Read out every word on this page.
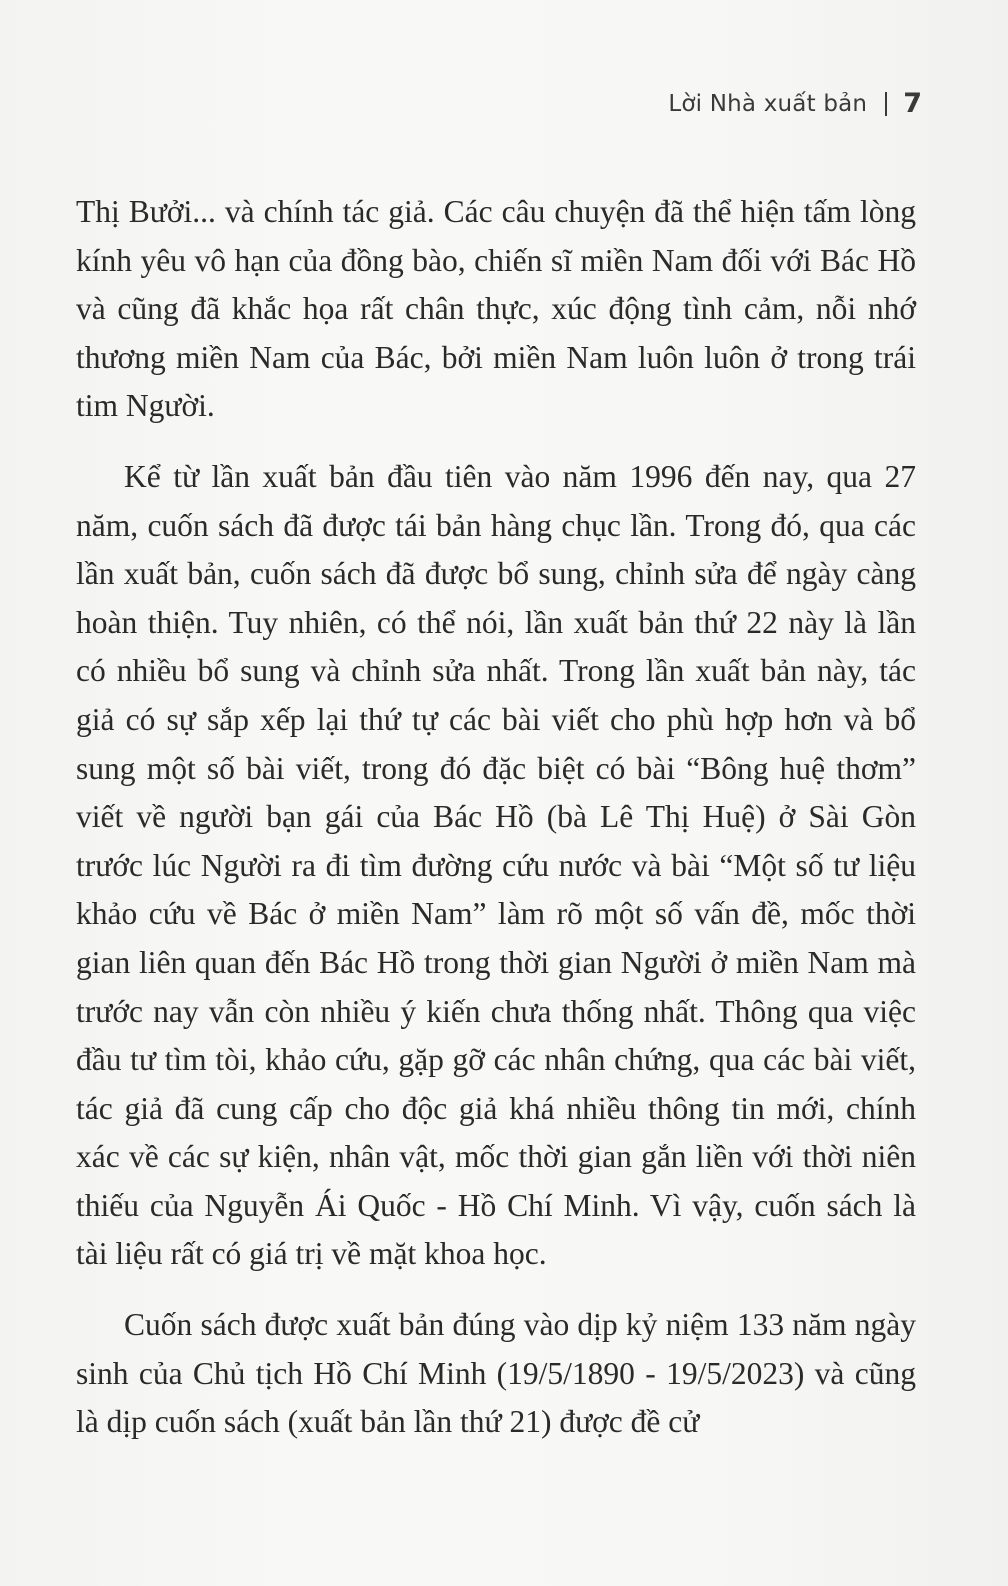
Lời Nhà xuất bản 7

Thị Bưởi... và chính tác giả. Các câu chuyện đã thể hiện tấm lòng kính yêu vô hạn của đồng bào, chiến sĩ miền Nam đối với Bác Hồ và cũng đã khắc họa rất chân thực, xúc động tình cảm, nỗi nhớ thương miền Nam của Bác, bởi miền Nam luôn luôn ở trong trái tim Người.

Kể từ lần xuất bản đầu tiên vào năm 1996 đến nay, qua 27 năm, cuốn sách đã được tái bản hàng chục lần. Trong đó, qua các lần xuất bản, cuốn sách đã được bổ sung, chỉnh sửa để ngày càng hoàn thiện. Tuy nhiên, có thể nói, lần xuất bản thứ 22 này là lần có nhiều bổ sung và chỉnh sửa nhất. Trong lần xuất bản này, tác giả có sự sắp xếp lại thứ tự các bài viết cho phù hợp hơn và bổ sung một số bài viết, trong đó đặc biệt có bài “Bông huệ thơm” viết về người bạn gái của Bác Hồ (bà Lê Thị Huệ) ở Sài Gòn trước lúc Người ra đi tìm đường cứu nước và bài “Một số tư liệu khảo cứu về Bác ở miền Nam” làm rõ một số vấn đề, mốc thời gian liên quan đến Bác Hồ trong thời gian Người ở miền Nam mà trước nay vẫn còn nhiều ý kiến chưa thống nhất. Thông qua việc đầu tư tìm tòi, khảo cứu, gặp gỡ các nhân chứng, qua các bài viết, tác giả đã cung cấp cho độc giả khá nhiều thông tin mới, chính xác về các sự kiện, nhân vật, mốc thời gian gắn liền với thời niên thiếu của Nguyễn Ái Quốc - Hồ Chí Minh. Vì vậy, cuốn sách là tài liệu rất có giá trị về mặt khoa học.

Cuốn sách được xuất bản đúng vào dịp kỷ niệm 133 năm ngày sinh của Chủ tịch Hồ Chí Minh (19/5/1890 - 19/5/2023) và cũng là dịp cuốn sách (xuất bản lần thứ 21) được đề cử
